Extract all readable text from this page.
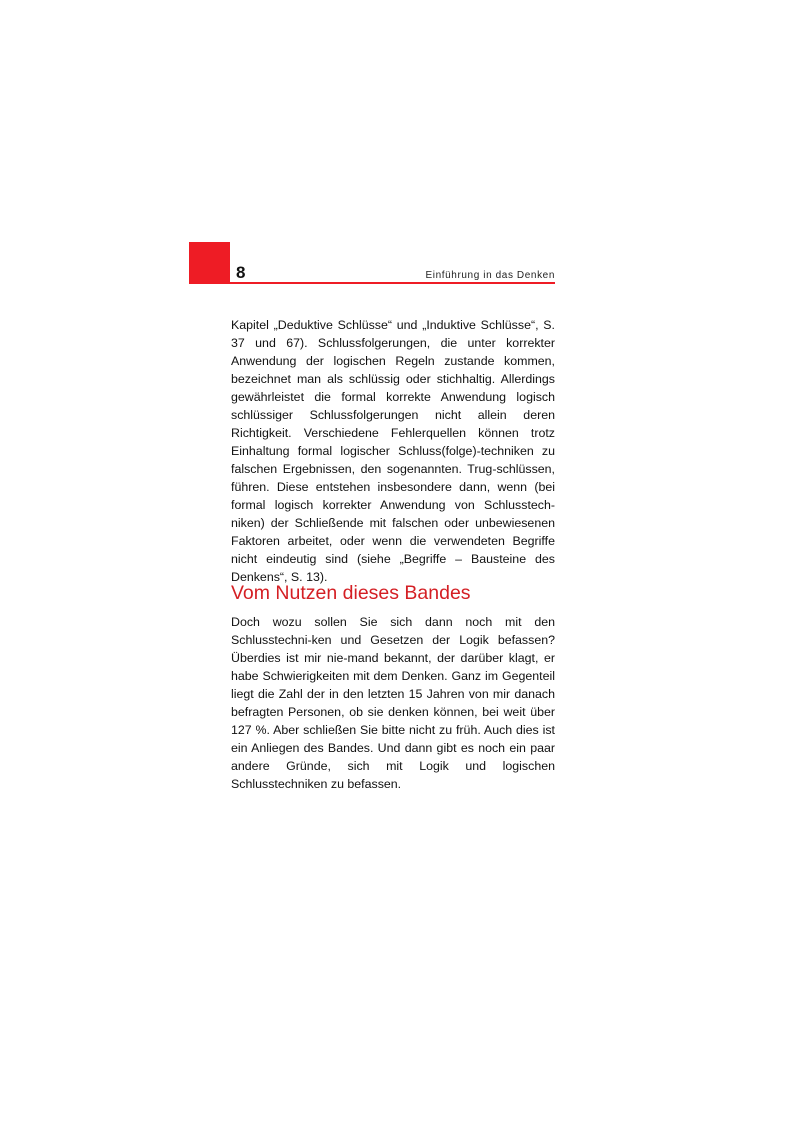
8	Einführung in das Denken

Kapitel „Deduktive Schlüsse“ und „Induktive Schlüsse“, S. 37 und 67). Schlussfolgerungen, die unter korrekter Anwendung der logischen Regeln zustande kommen, bezeichnet man als schlüssig oder stichhaltig. Allerdings gewährleistet die formal korrekte Anwendung logisch schlüssiger Schlussfolgerungen nicht allein deren Richtigkeit. Verschiedene Fehlerquellen können trotz Einhaltung formal logischer Schluss(folge)-techniken zu falschen Ergebnissen, den sogenannten. Trug-schlüssen, führen. Diese entstehen insbesondere dann, wenn (bei formal logisch korrekter Anwendung von Schlusstech-niken) der Schließende mit falschen oder unbewiesenen Faktoren arbeitet, oder wenn die verwendeten Begriffe nicht eindeutig sind (siehe „Begriffe – Bausteine des Denkens“, S. 13).

Vom Nutzen dieses Bandes

Doch wozu sollen Sie sich dann noch mit den Schlusstechni-ken und Gesetzen der Logik befassen? Überdies ist mir nie-mand bekannt, der darüber klagt, er habe Schwierigkeiten mit dem Denken. Ganz im Gegenteil liegt die Zahl der in den letzten 15 Jahren von mir danach befragten Personen, ob sie denken können, bei weit über 127 %. Aber schließen Sie bitte nicht zu früh. Auch dies ist ein Anliegen des Bandes. Und dann gibt es noch ein paar andere Gründe, sich mit Logik und logischen Schlusstechniken zu befassen.
